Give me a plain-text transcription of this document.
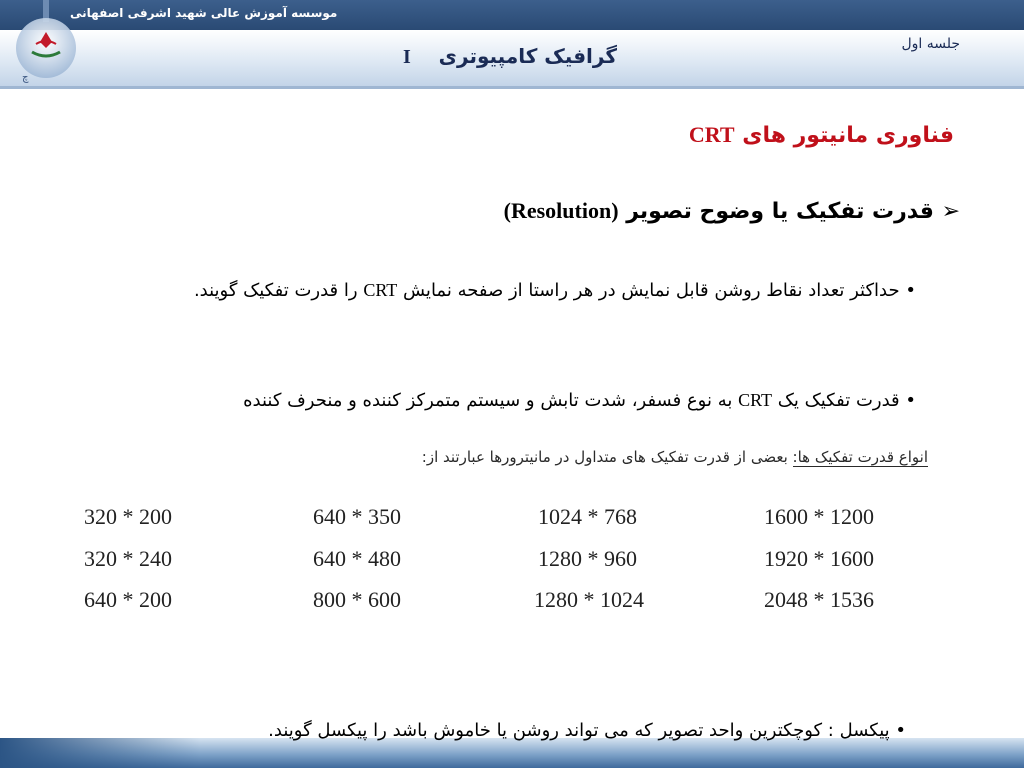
موسسه آموزش عالی شهید اشرفی اصفهانی
ﭺ
I گرافیک کامپیوتری	جلسه اول
فناوری مانیتور های CRT
➢ قدرت تفکیک یا وضوح تصویر (Resolution)
• حداکثر تعداد نقاط روشن قابل نمایش در هر راستا از صفحه نمایش CRT را قدرت تفکیک گویند.
• قدرت تفکیک یک CRT به نوع فسفر، شدت تابش و سیستم متمرکز کننده و منحرف کننده
انواع قدرت تفکیک ها: بعضی از قدرت تفکیک های متداول در مانیترورها عبارتند از:
320 * 200
320 * 240
640 * 200
640 * 350
640 * 480
800 * 600
1024 * 768
1280 * 960
1280 * 1024
1600 * 1200
1920 * 1600
2048 * 1536
• پیکسل : کوچکترین واحد تصویر که می تواند روشن یا خاموش باشد را پیکسل گویند.
